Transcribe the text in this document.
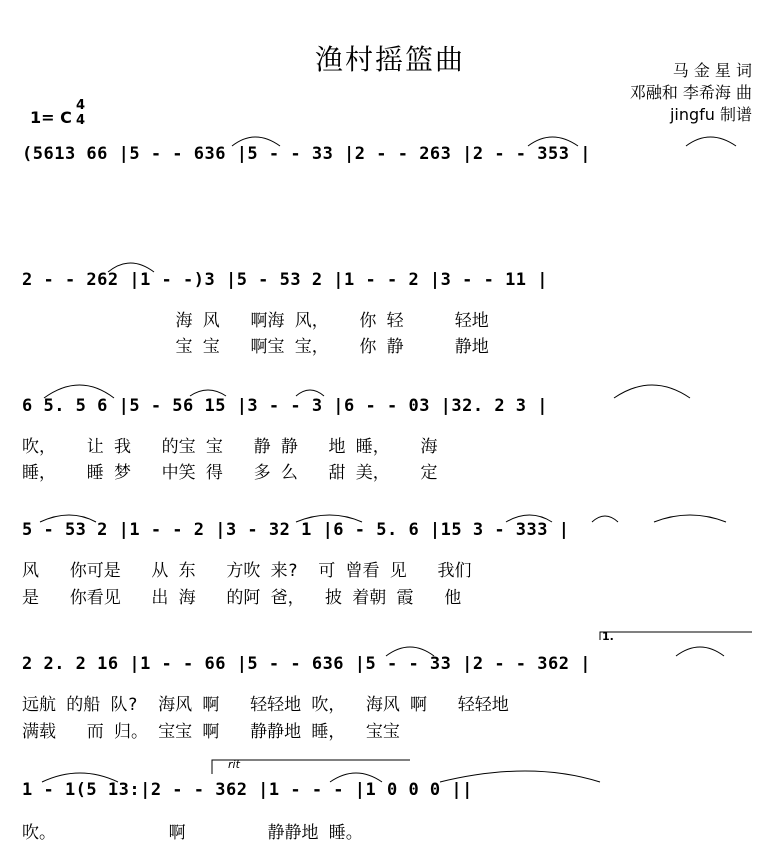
渔村摇篮曲	马 金 星 词
邓融和 李希海 曲
jingfu 制谱
1= C
4
4
(5613 66 |5 - - 636 |5 - - 33 |2 - - 263 |2 - - 353 |
2 - - 262 |1 - -)3 |5 - 53 2 |1 - - 2 |3 - - 11 |
海 风   啊海 风，   你 轻     轻地
宝 宝   啊宝 宝，   你 静     静地
6 5. 5 6 |5 - 56 15 |3 - - 3 |6 - - 03 |32. 2 3 |
吹，   让 我   的宝 宝   静 静   地 睡，   海
睡，   睡 梦   中笑 得   多 么   甜 美，   定
5 - 53 2 |1 - - 2 |3 - 32 1 |6 - 5. 6 |15 3 - 333 |
风   你可是   从 东   方吹 来?  可 曾看 见   我们
是   你看见   出 海   的阿 爸，  披 着朝 霞   他
1.
2 2. 2 16 |1 - - 66 |5 - - 636 |5 - - 33 |2 - - 362 |
远航 的船 队?  海风 啊   轻轻地 吹，  海风 啊   轻轻地
满载   而 归。 宝宝 啊   静静地 睡，  宝宝
rit
1 - 1(5 13:|2 - - 362 |1 - - - |1 0 0 0 ||
吹。           啊        静静地 睡。
